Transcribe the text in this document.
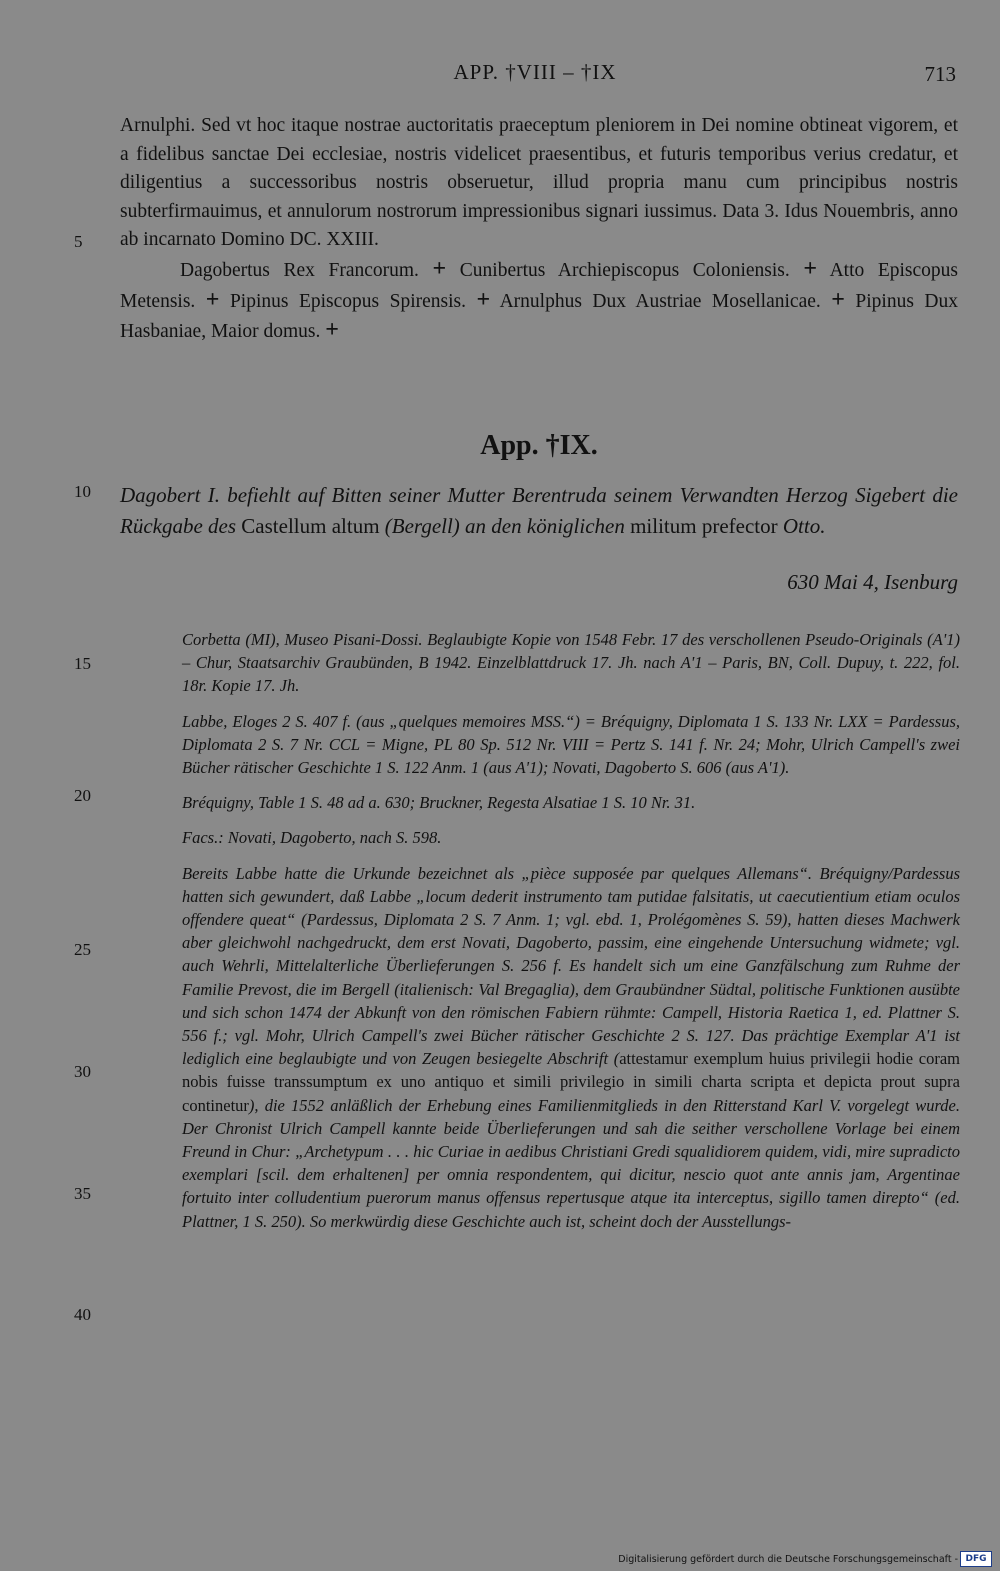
APP. †VIII – †IX	713

Arnulphi. Sed vt hoc itaque nostrae auctoritatis praeceptum pleniorem in Dei nomine obtineat vigorem, et a fidelibus sanctae Dei ecclesiae, nostris videlicet praesentibus, et futuris temporibus verius credatur, et diligentius a successoribus nostris obseruetur, illud propria manu cum principibus nostris subterfirmauimus, et annulorum nostrorum impressionibus signari iussimus. Data 3. Idus Nouembris, anno ab incarnato Domino DC. XXIII.

Dagobertus Rex Francorum. + Cunibertus Archiepiscopus Coloniensis. + Atto Episcopus Metensis. + Pipinus Episcopus Spirensis. + Arnulphus Dux Austriae Mosellanicae. + Pipinus Dux Hasbaniae, Maior domus. +

App. †IX.
Dagobert I. befiehlt auf Bitten seiner Mutter Berentruda seinem Verwandten Herzog Sigebert die Rückgabe des Castellum altum (Bergell) an den königlichen militum prefector Otto.
630 Mai 4, Isenburg

Corbetta (MI), Museo Pisani-Dossi. Beglaubigte Kopie von 1548 Febr. 17 des verschollenen Pseudo-Originals (A'1) – Chur, Staatsarchiv Graubünden, B 1942. Einzelblattdruck 17. Jh. nach A'1 – Paris, BN, Coll. Dupuy, t. 222, fol. 18r. Kopie 17. Jh.

Labbe, Eloges 2 S. 407 f. (aus „quelques memoires MSS.“) = Bréquigny, Diplomata 1 S. 133 Nr. LXX = Pardessus, Diplomata 2 S. 7 Nr. CCL = Migne, PL 80 Sp. 512 Nr. VIII = Pertz S. 141 f. Nr. 24; Mohr, Ulrich Campell's zwei Bücher rätischer Geschichte 1 S. 122 Anm. 1 (aus A'1); Novati, Dagoberto S. 606 (aus A'1).

Bréquigny, Table 1 S. 48 ad a. 630; Bruckner, Regesta Alsatiae 1 S. 10 Nr. 31.

Facs.: Novati, Dagoberto, nach S. 598.

Bereits Labbe hatte die Urkunde bezeichnet als „pièce supposée par quelques Allemans“. Bréquigny/Pardessus hatten sich gewundert, daß Labbe „locum dederit instrumento tam putidae falsitatis, ut caecutientium etiam oculos offendere queat“ (Pardessus, Diplomata 2 S. 7 Anm. 1; vgl. ebd. 1, Prolégomènes S. 59), hatten dieses Machwerk aber gleichwohl nachgedruckt, dem erst Novati, Dagoberto, passim, eine eingehende Untersuchung widmete; vgl. auch Wehrli, Mittelalterliche Überlieferungen S. 256 f. Es handelt sich um eine Ganzfälschung zum Ruhme der Familie Prevost, die im Bergell (italienisch: Val Bregaglia), dem Graubündner Südtal, politische Funktionen ausübte und sich schon 1474 der Abkunft von den römischen Fabiern rühmte: Campell, Historia Raetica 1, ed. Plattner S. 556 f.; vgl. Mohr, Ulrich Campell's zwei Bücher rätischer Geschichte 2 S. 127. Das prächtige Exemplar A'1 ist lediglich eine beglaubigte und von Zeugen besiegelte Abschrift (attestamur exemplum huius privilegii hodie coram nobis fuisse transsumptum ex uno antiquo et simili privilegio in simili charta scripta et depicta prout supra continetur), die 1552 anläßlich der Erhebung eines Familienmitglieds in den Ritterstand Karl V. vorgelegt wurde. Der Chronist Ulrich Campell kannte beide Überlieferungen und sah die seither verschollene Vorlage bei einem Freund in Chur: „Archetypum . . . hic Curiae in aedibus Christiani Gredi squalidiorem quidem, vidi, mire supradicto exemplari [scil. dem erhaltenen] per omnia respondentem, qui dicitur, nescio quot ante annis jam, Argentinae fortuito inter colludentium puerorum manus offensus repertusque atque ita interceptus, sigillo tamen direpto“ (ed. Plattner, 1 S. 250). So merkwürdig diese Geschichte auch ist, scheint doch der Ausstellungs-

5
10
15
20
25
30
35
40
Digitalisierung gefördert durch die Deutsche Forschungsgemeinschaft - DFG
